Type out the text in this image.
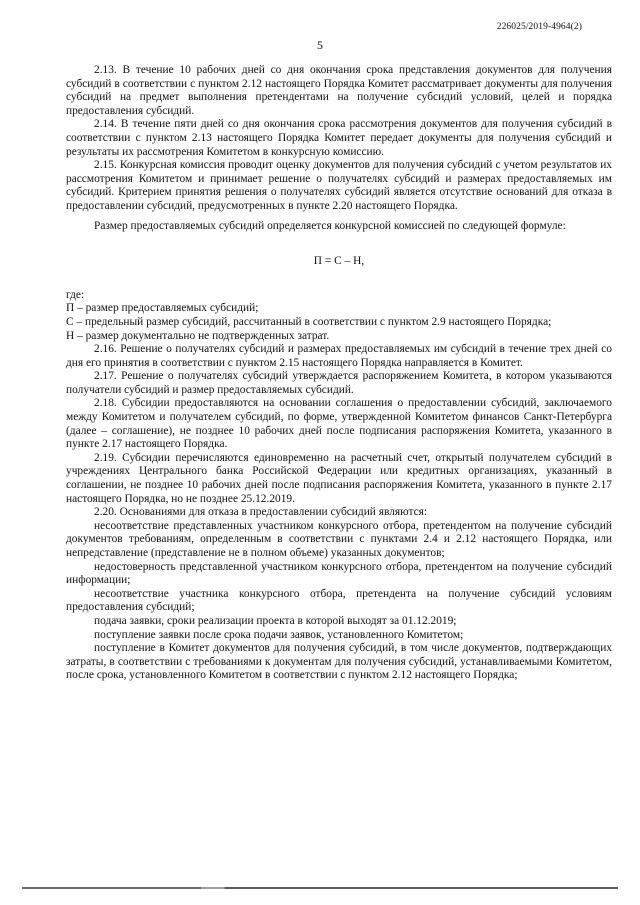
226025/2019-4964(2)
5

2.13. В течение 10 рабочих дней со дня окончания срока представления документов для получения субсидий в соответствии с пунктом 2.12 настоящего Порядка Комитет рассматривает документы для получения субсидий на предмет выполнения претендентами на получение субсидий условий, целей и порядка предоставления субсидий.

2.14. В течение пяти дней со дня окончания срока рассмотрения документов для получения субсидий в соответствии с пунктом 2.13 настоящего Порядка Комитет передает документы для получения субсидий и результаты их рассмотрения Комитетом в конкурсную комиссию.

2.15. Конкурсная комиссия проводит оценку документов для получения субсидий с учетом результатов их рассмотрения Комитетом и принимает решение о получателях субсидий и размерах предоставляемых им субсидий. Критерием принятия решения о получателях субсидий является отсутствие оснований для отказа в предоставлении субсидий, предусмотренных в пункте 2.20 настоящего Порядка.

Размер предоставляемых субсидий определяется конкурсной комиссией по следующей формуле:

П = С – Н,

где:

П – размер предоставляемых субсидий;

С – предельный размер субсидий, рассчитанный в соответствии с пунктом 2.9 настоящего Порядка;

Н – размер документально не подтвержденных затрат.

2.16. Решение о получателях субсидий и размерах предоставляемых им субсидий в течение трех дней со дня его принятия в соответствии с пунктом 2.15 настоящего Порядка направляется в Комитет.

2.17. Решение о получателях субсидий утверждается распоряжением Комитета, в котором указываются получатели субсидий и размер предоставляемых субсидий.

2.18. Субсидии предоставляются на основании соглашения о предоставлении субсидий, заключаемого между Комитетом и получателем субсидий, по форме, утвержденной Комитетом финансов Санкт-Петербурга (далее – соглашение), не позднее 10 рабочих дней после подписания распоряжения Комитета, указанного в пункте 2.17 настоящего Порядка.

2.19. Субсидии перечисляются единовременно на расчетный счет, открытый получателем субсидий в учреждениях Центрального банка Российской Федерации или кредитных организациях, указанный в соглашении, не позднее 10 рабочих дней после подписания распоряжения Комитета, указанного в пункте 2.17 настоящего Порядка, но не позднее 25.12.2019.

2.20. Основаниями для отказа в предоставлении субсидий являются:

несоответствие представленных участником конкурсного отбора, претендентом на получение субсидий документов требованиям, определенным в соответствии с пунктами 2.4 и 2.12 настоящего Порядка, или непредставление (представление не в полном объеме) указанных документов;

недостоверность представленной участником конкурсного отбора, претендентом на получение субсидий информации;

несоответствие участника конкурсного отбора, претендента на получение субсидий условиям предоставления субсидий;

подача заявки, сроки реализации проекта в которой выходят за 01.12.2019;

поступление заявки после срока подачи заявок, установленного Комитетом;

поступление в Комитет документов для получения субсидий, в том числе документов, подтверждающих затраты, в соответствии с требованиями к документам для получения субсидий, устанавливаемыми Комитетом, после срока, установленного Комитетом в соответствии с пунктом 2.12 настоящего Порядка;
